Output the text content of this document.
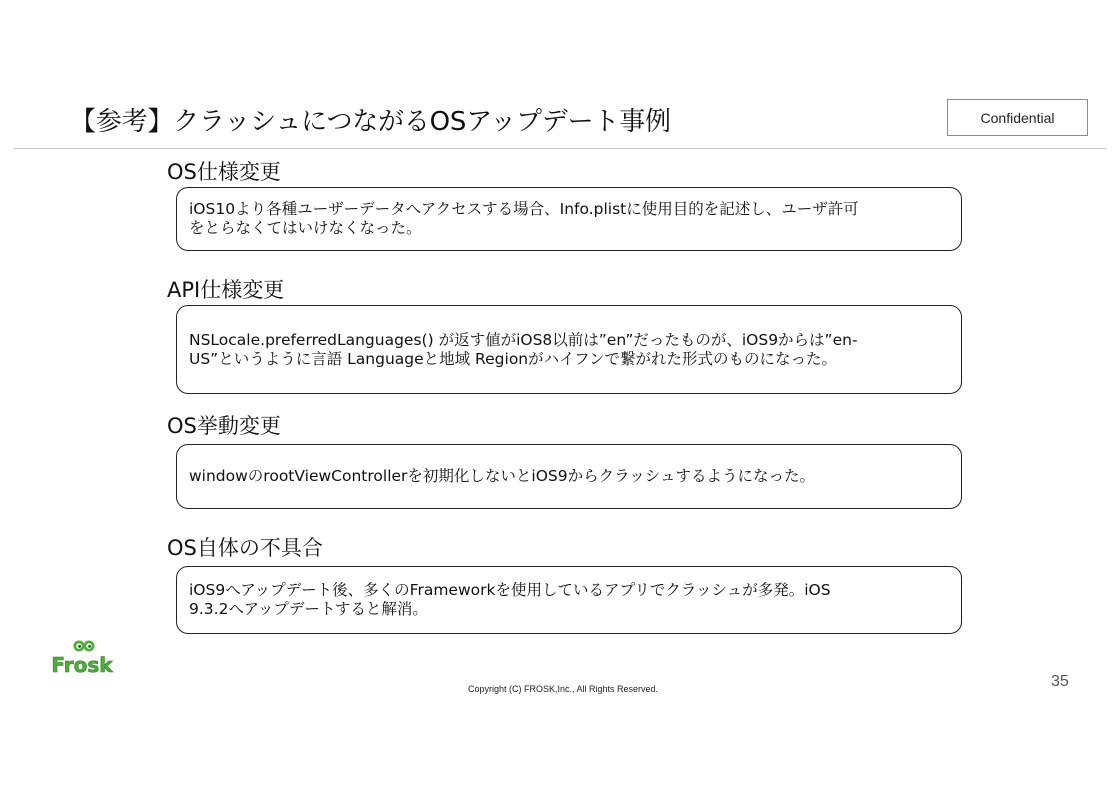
【参考】クラッシュにつながるOSアップデート事例	Confidential
OS仕様変更
iOS10より各種ユーザーデータへアクセスする場合、Info.plistに使用目的を記述し、ユーザ許可
をとらなくてはいけなくなった。
API仕様変更
NSLocale.preferredLanguages() が返す値がiOS8以前は”en”だったものが、iOS9からは”en-
US”というように言語 Languageと地域 Regionがハイフンで繋がれた形式のものになった。
OS挙動変更
windowのrootViewControllerを初期化しないとiOS9からクラッシュするようになった。
OS自体の不具合
iOS9へアップデート後、多くのFrameworkを使用しているアプリでクラッシュが多発。iOS
9.3.2へアップデートすると解消。
Frosk
Copyright (C) FROSK,Inc., All Rights Reserved.	35
